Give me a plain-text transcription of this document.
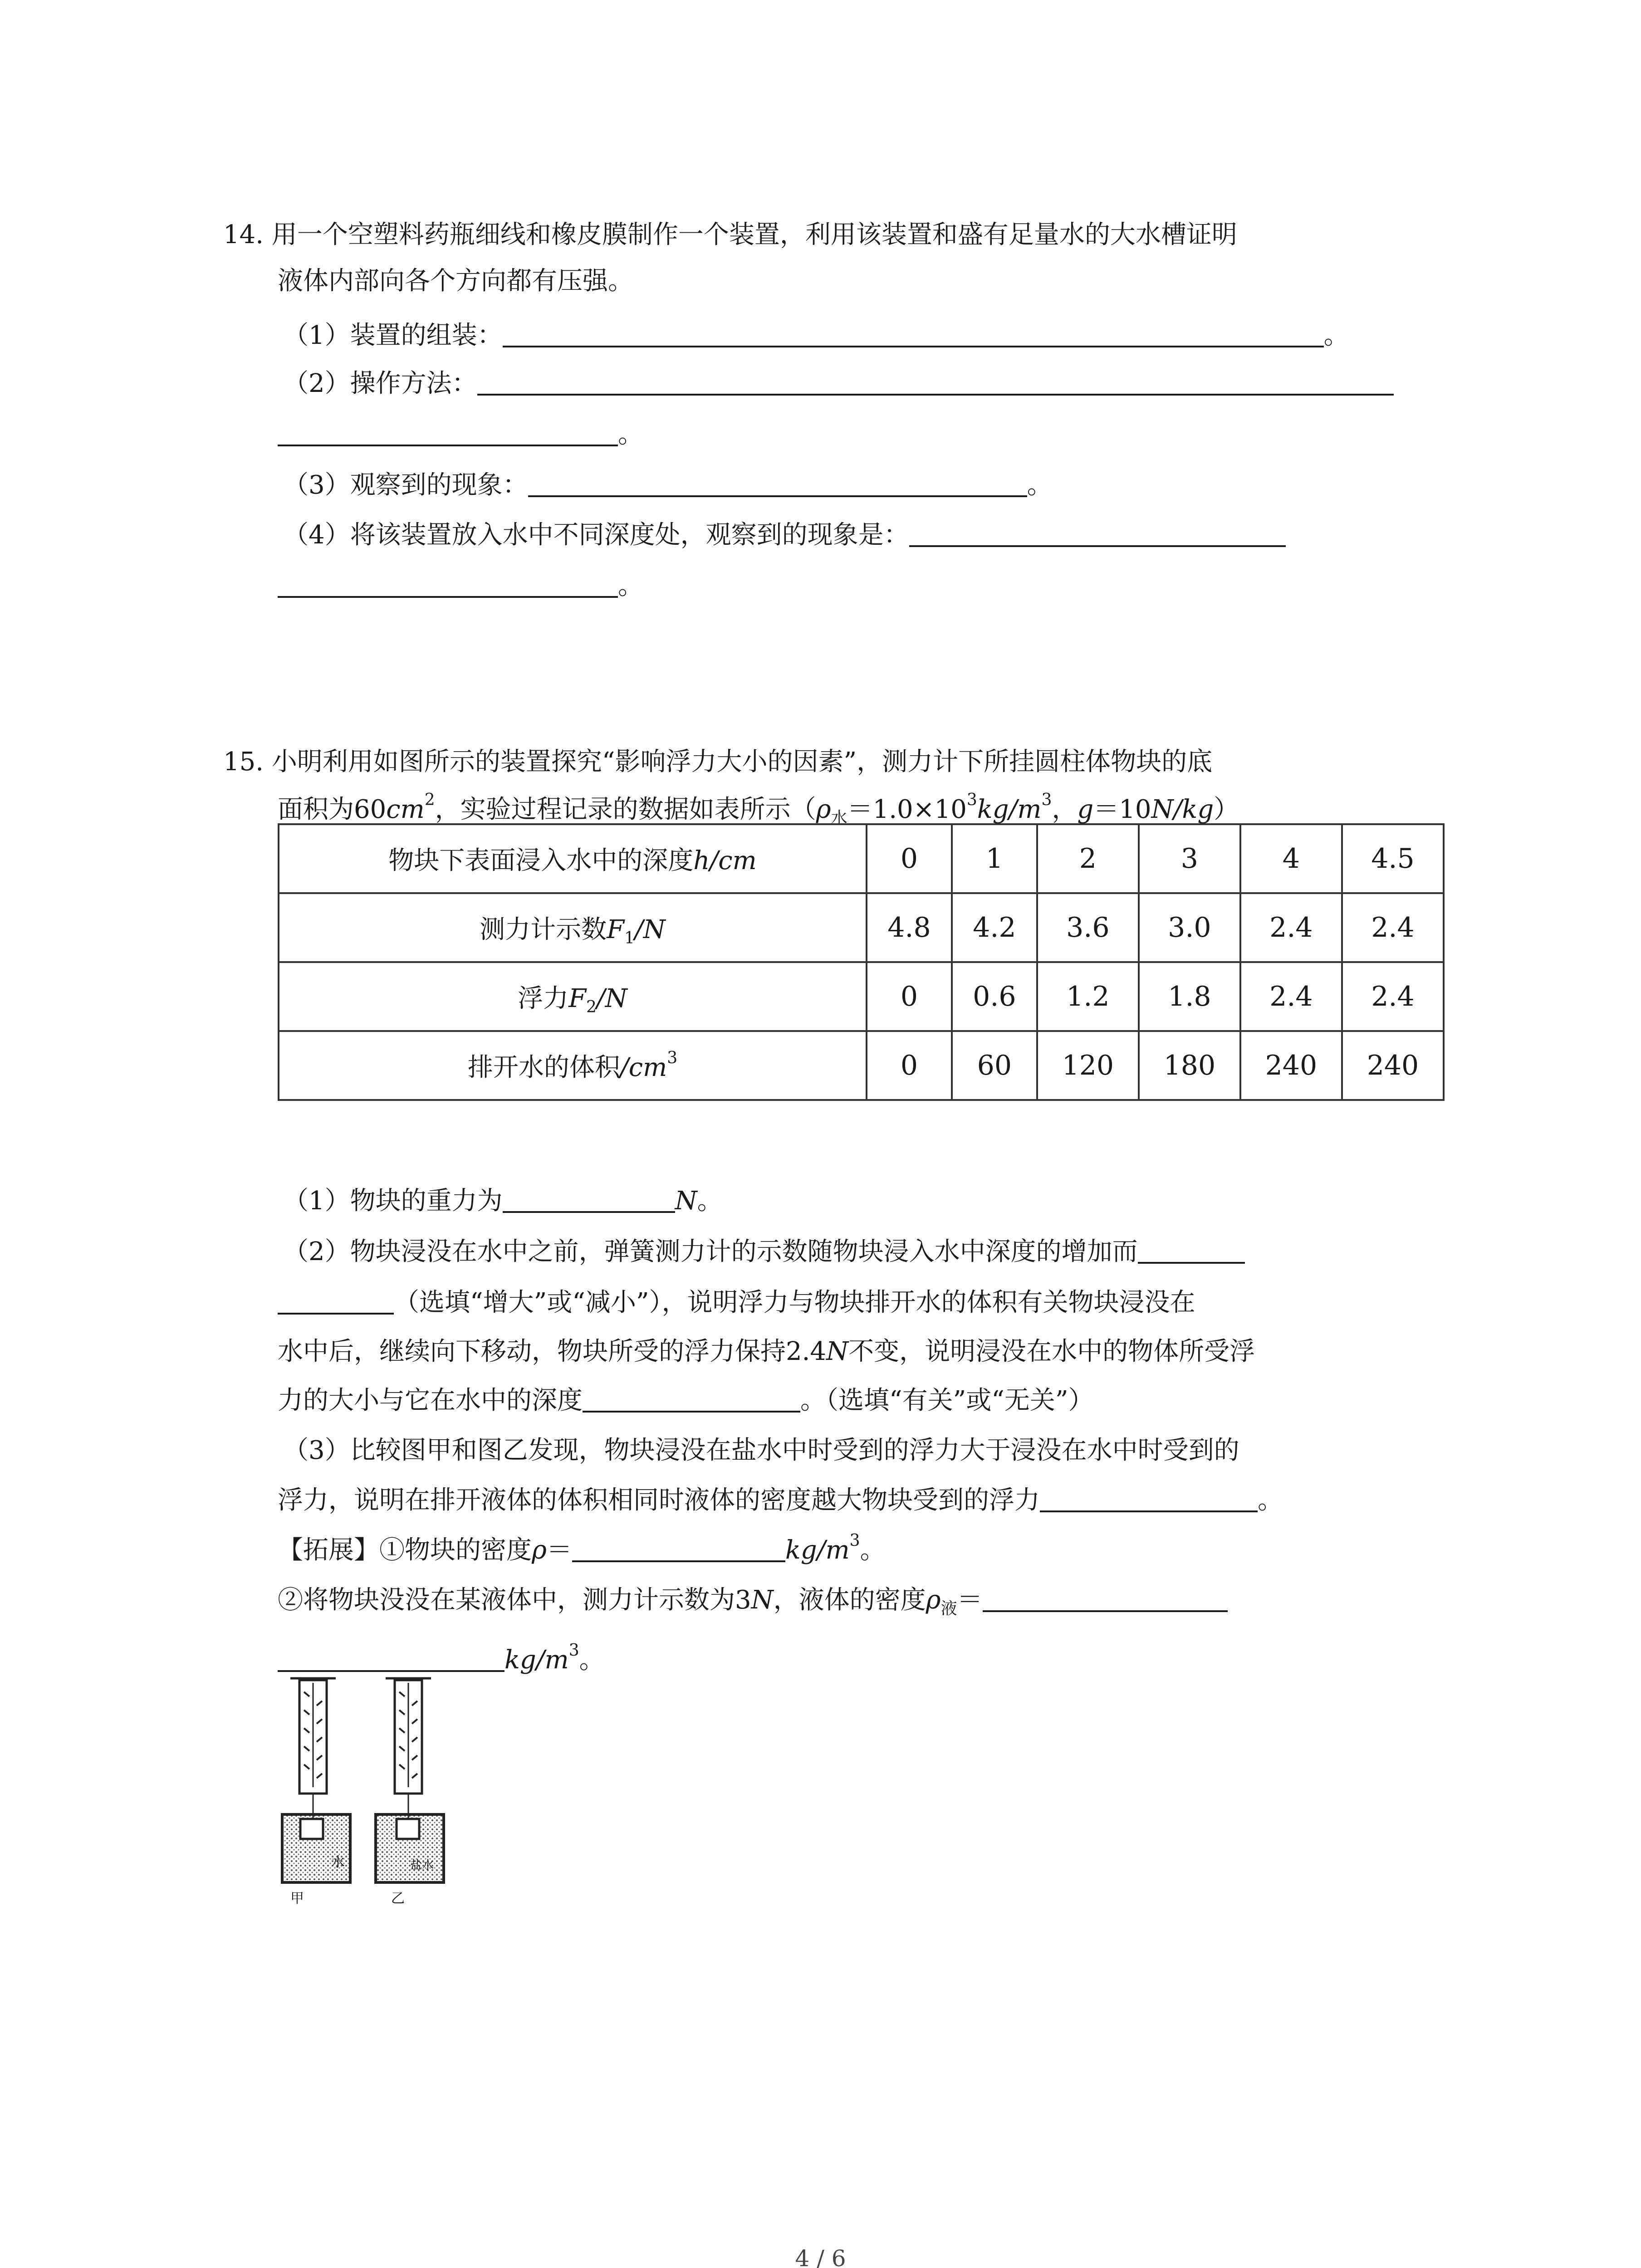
14. 用一个空塑料药瓶细线和橡皮膜制作一个装置，利用该装置和盛有足量水的大水槽证明
液体内部向各个方向都有压强。
（1）装置的组装：	。
（2）操作方法：
。
（3）观察到的现象：	。
（4）将该装置放入水中不同深度处，观察到的现象是：
。
15. 小明利用如图所示的装置探究“影响浮力大小的因素”，测力计下所挂圆柱体物块的底
面积为$60cm^2$，实验过程记录的数据如表所示（$\rho_水=1.0\times 10^3kg/m^3$，g＝10N/kg）
物块下表面浸入水中的深度h/cm	0	1	2	3	4	4.5
测力计示数$F_1/N$	4.8	4.2	3.6	3.0	2.4	2.4
浮力$F_2/N$	0	0.6	1.2	1.8	2.4	2.4
排开水的体积$/cm^3$	0	60	120	180	240	240
（1）物块的重力为	N。
（2）物块浸没在水中之前，弹簧测力计的示数随物块浸入水中深度的增加而
（选填“增大”或“减小”），说明浮力与物块排开水的体积有关物块浸没在
水中后，继续向下移动，物块所受的浮力保持2.4N不变，说明浸没在水中的物体所受浮
力的大小与它在水中的深度	。（选填“有关”或“无关”）
（3）比较图甲和图乙发现，物块浸没在盐水中时受到的浮力大于浸没在水中时受到的
浮力，说明在排开液体的体积相同时液体的密度越大物块受到的浮力	。
【拓展】①物块的密度ρ＝	$kg/m^3$。
②将物块没没在某液体中，测力计示数为3N，液体的密度$\rho_液=$
$kg/m^3$。
水
甲
盐水
乙
4 / 6
